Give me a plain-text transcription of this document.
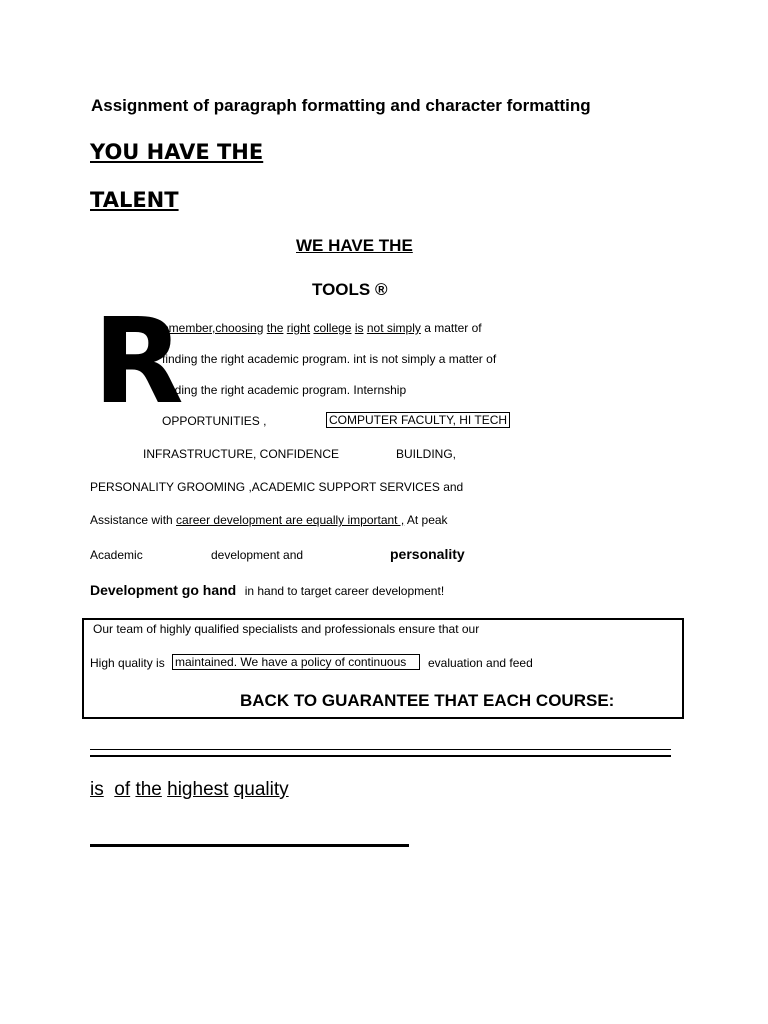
Assignment of paragraph formatting and character formatting
YOU HAVE THE
TALENT
WE HAVE THE
TOOLS ®
R
emember,choosing the right college is not simply a matter of
finding the right academic program. int is not simply a matter of
finding the right academic program. Internship
OPPORTUNITIES ,	COMPUTER FACULTY, HI TECH
INFRASTRUCTURE, CONFIDENCE	BUILDING,
PERSONALITY GROOMING ,ACADEMIC SUPPORT SERVICES and
Assistance with career development are equally important , At peak
Academic	development and	personality
Development go hand in hand to target career development!
Our team of highly qualified specialists and professionals ensure that our
High quality is maintained. We have a policy of continuous	evaluation and feed
BACK TO GUARANTEE THAT EACH COURSE:
is of the highest quality
